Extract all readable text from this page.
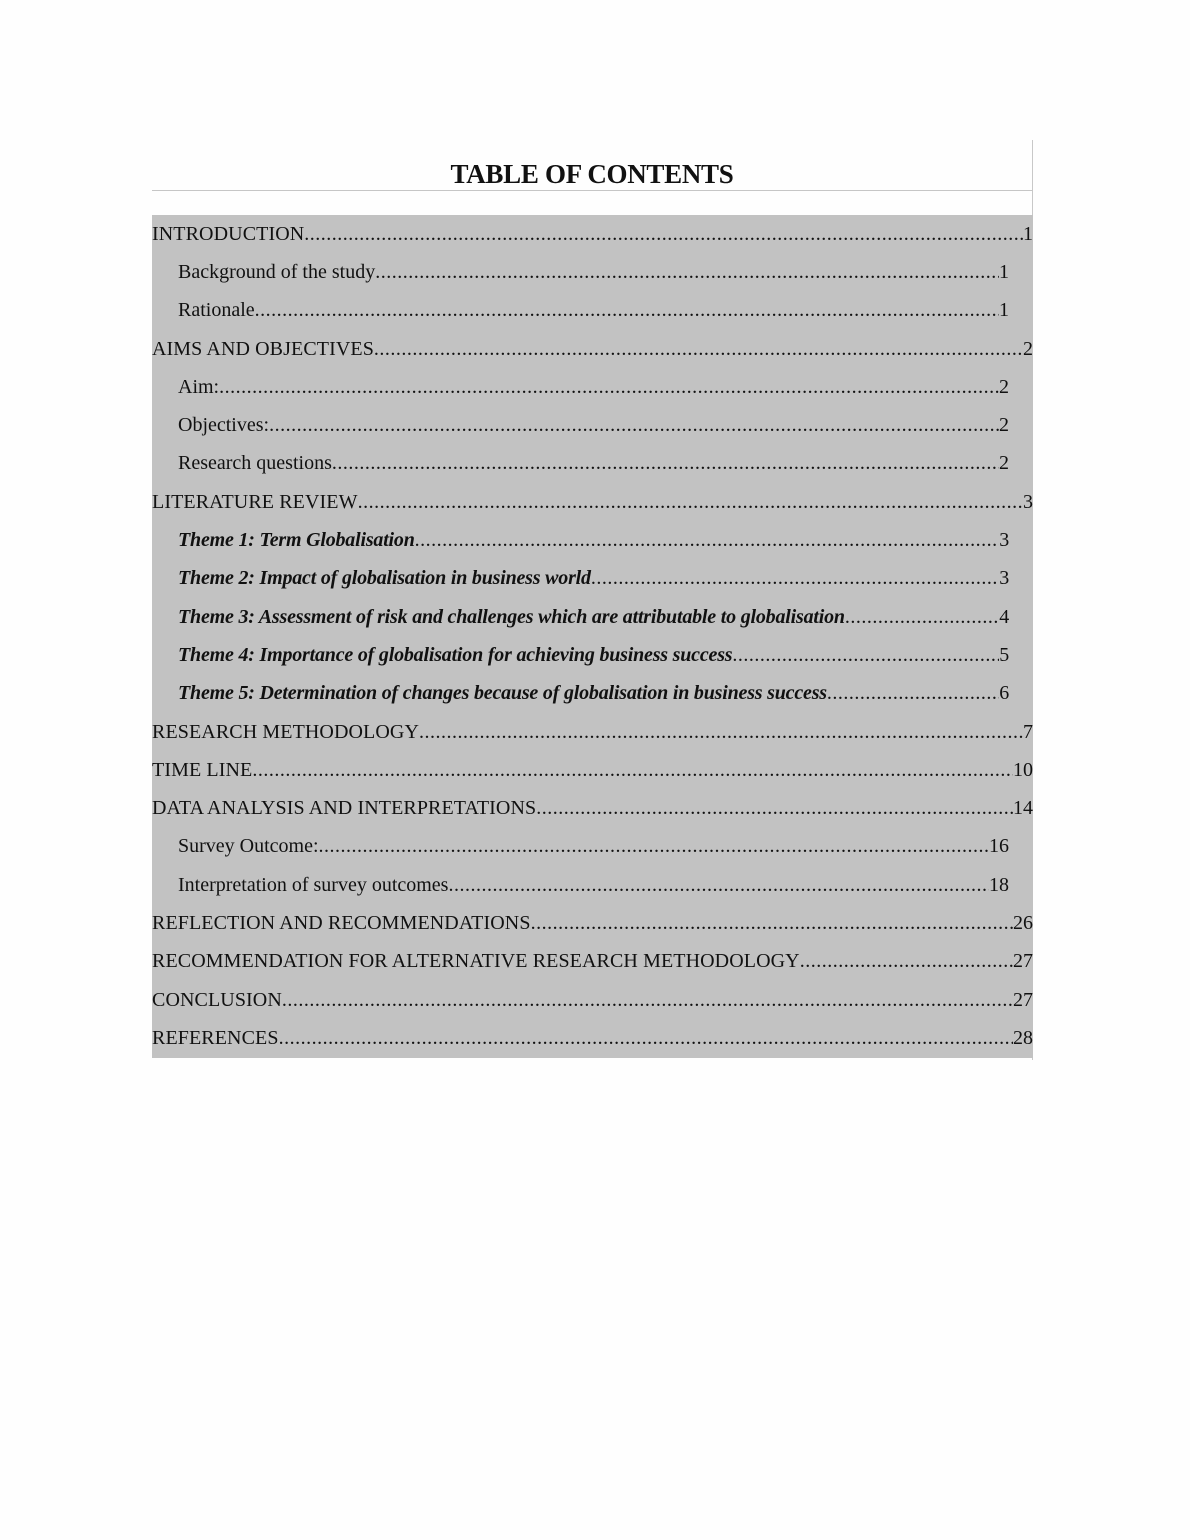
TABLE OF CONTENTS
INTRODUCTION .....	1
Background of the study .....	1
Rationale .....	1
AIMS AND OBJECTIVES .....	2
Aim: .....	2
Objectives: .....	2
Research questions .....	2
LITERATURE REVIEW .....	3
Theme 1: Term Globalisation .....	3
Theme 2: Impact of globalisation in business world .....	3
Theme 3: Assessment of risk and challenges which are attributable to globalisation .....	4
Theme 4: Importance of globalisation for achieving business success .....	5
Theme 5: Determination of changes because of globalisation in business success .....	6
RESEARCH METHODOLOGY .....	7
TIME LINE .....	10
DATA ANALYSIS AND INTERPRETATIONS .....	14
Survey Outcome: .....	16
Interpretation of survey outcomes .....	18
REFLECTION AND RECOMMENDATIONS .....	26
RECOMMENDATION FOR ALTERNATIVE RESEARCH METHODOLOGY .....	27
CONCLUSION .....	27
REFERENCES .....	28
